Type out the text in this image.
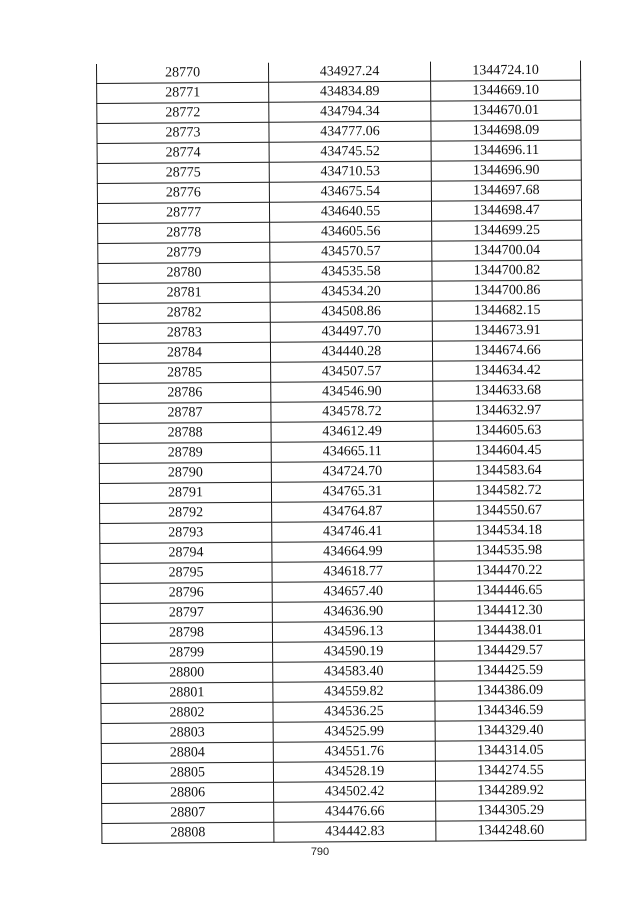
28770	434927.24	1344724.10
28771	434834.89	1344669.10
28772	434794.34	1344670.01
28773	434777.06	1344698.09
28774	434745.52	1344696.11
28775	434710.53	1344696.90
28776	434675.54	1344697.68
28777	434640.55	1344698.47
28778	434605.56	1344699.25
28779	434570.57	1344700.04
28780	434535.58	1344700.82
28781	434534.20	1344700.86
28782	434508.86	1344682.15
28783	434497.70	1344673.91
28784	434440.28	1344674.66
28785	434507.57	1344634.42
28786	434546.90	1344633.68
28787	434578.72	1344632.97
28788	434612.49	1344605.63
28789	434665.11	1344604.45
28790	434724.70	1344583.64
28791	434765.31	1344582.72
28792	434764.87	1344550.67
28793	434746.41	1344534.18
28794	434664.99	1344535.98
28795	434618.77	1344470.22
28796	434657.40	1344446.65
28797	434636.90	1344412.30
28798	434596.13	1344438.01
28799	434590.19	1344429.57
28800	434583.40	1344425.59
28801	434559.82	1344386.09
28802	434536.25	1344346.59
28803	434525.99	1344329.40
28804	434551.76	1344314.05
28805	434528.19	1344274.55
28806	434502.42	1344289.92
28807	434476.66	1344305.29
28808	434442.83	1344248.60
790
